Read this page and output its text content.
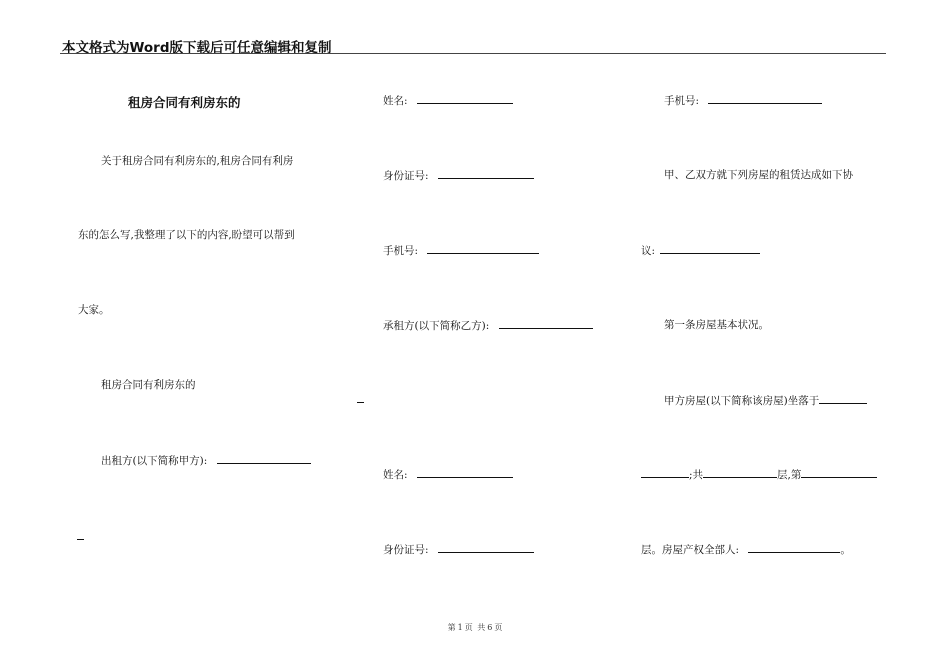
本文格式为Word版下载后可任意编辑和复制
租房合同有利房东的
关于租房合同有利房东的,租房合同有利房
东的怎么写,我整理了以下的内容,盼望可以帮到
大家。
租房合同有利房东的
出租方(以下简称甲方):
姓名:
身份证号:
手机号:
承租方(以下简称乙方):
姓名:
身份证号:
手机号:
甲、乙双方就下列房屋的租赁达成如下协
议:
第一条房屋基本状况。
甲方房屋(以下简称该房屋)坐落于
;共	层,第
层。房屋产权全部人:	。
第 1 页 共 6 页
